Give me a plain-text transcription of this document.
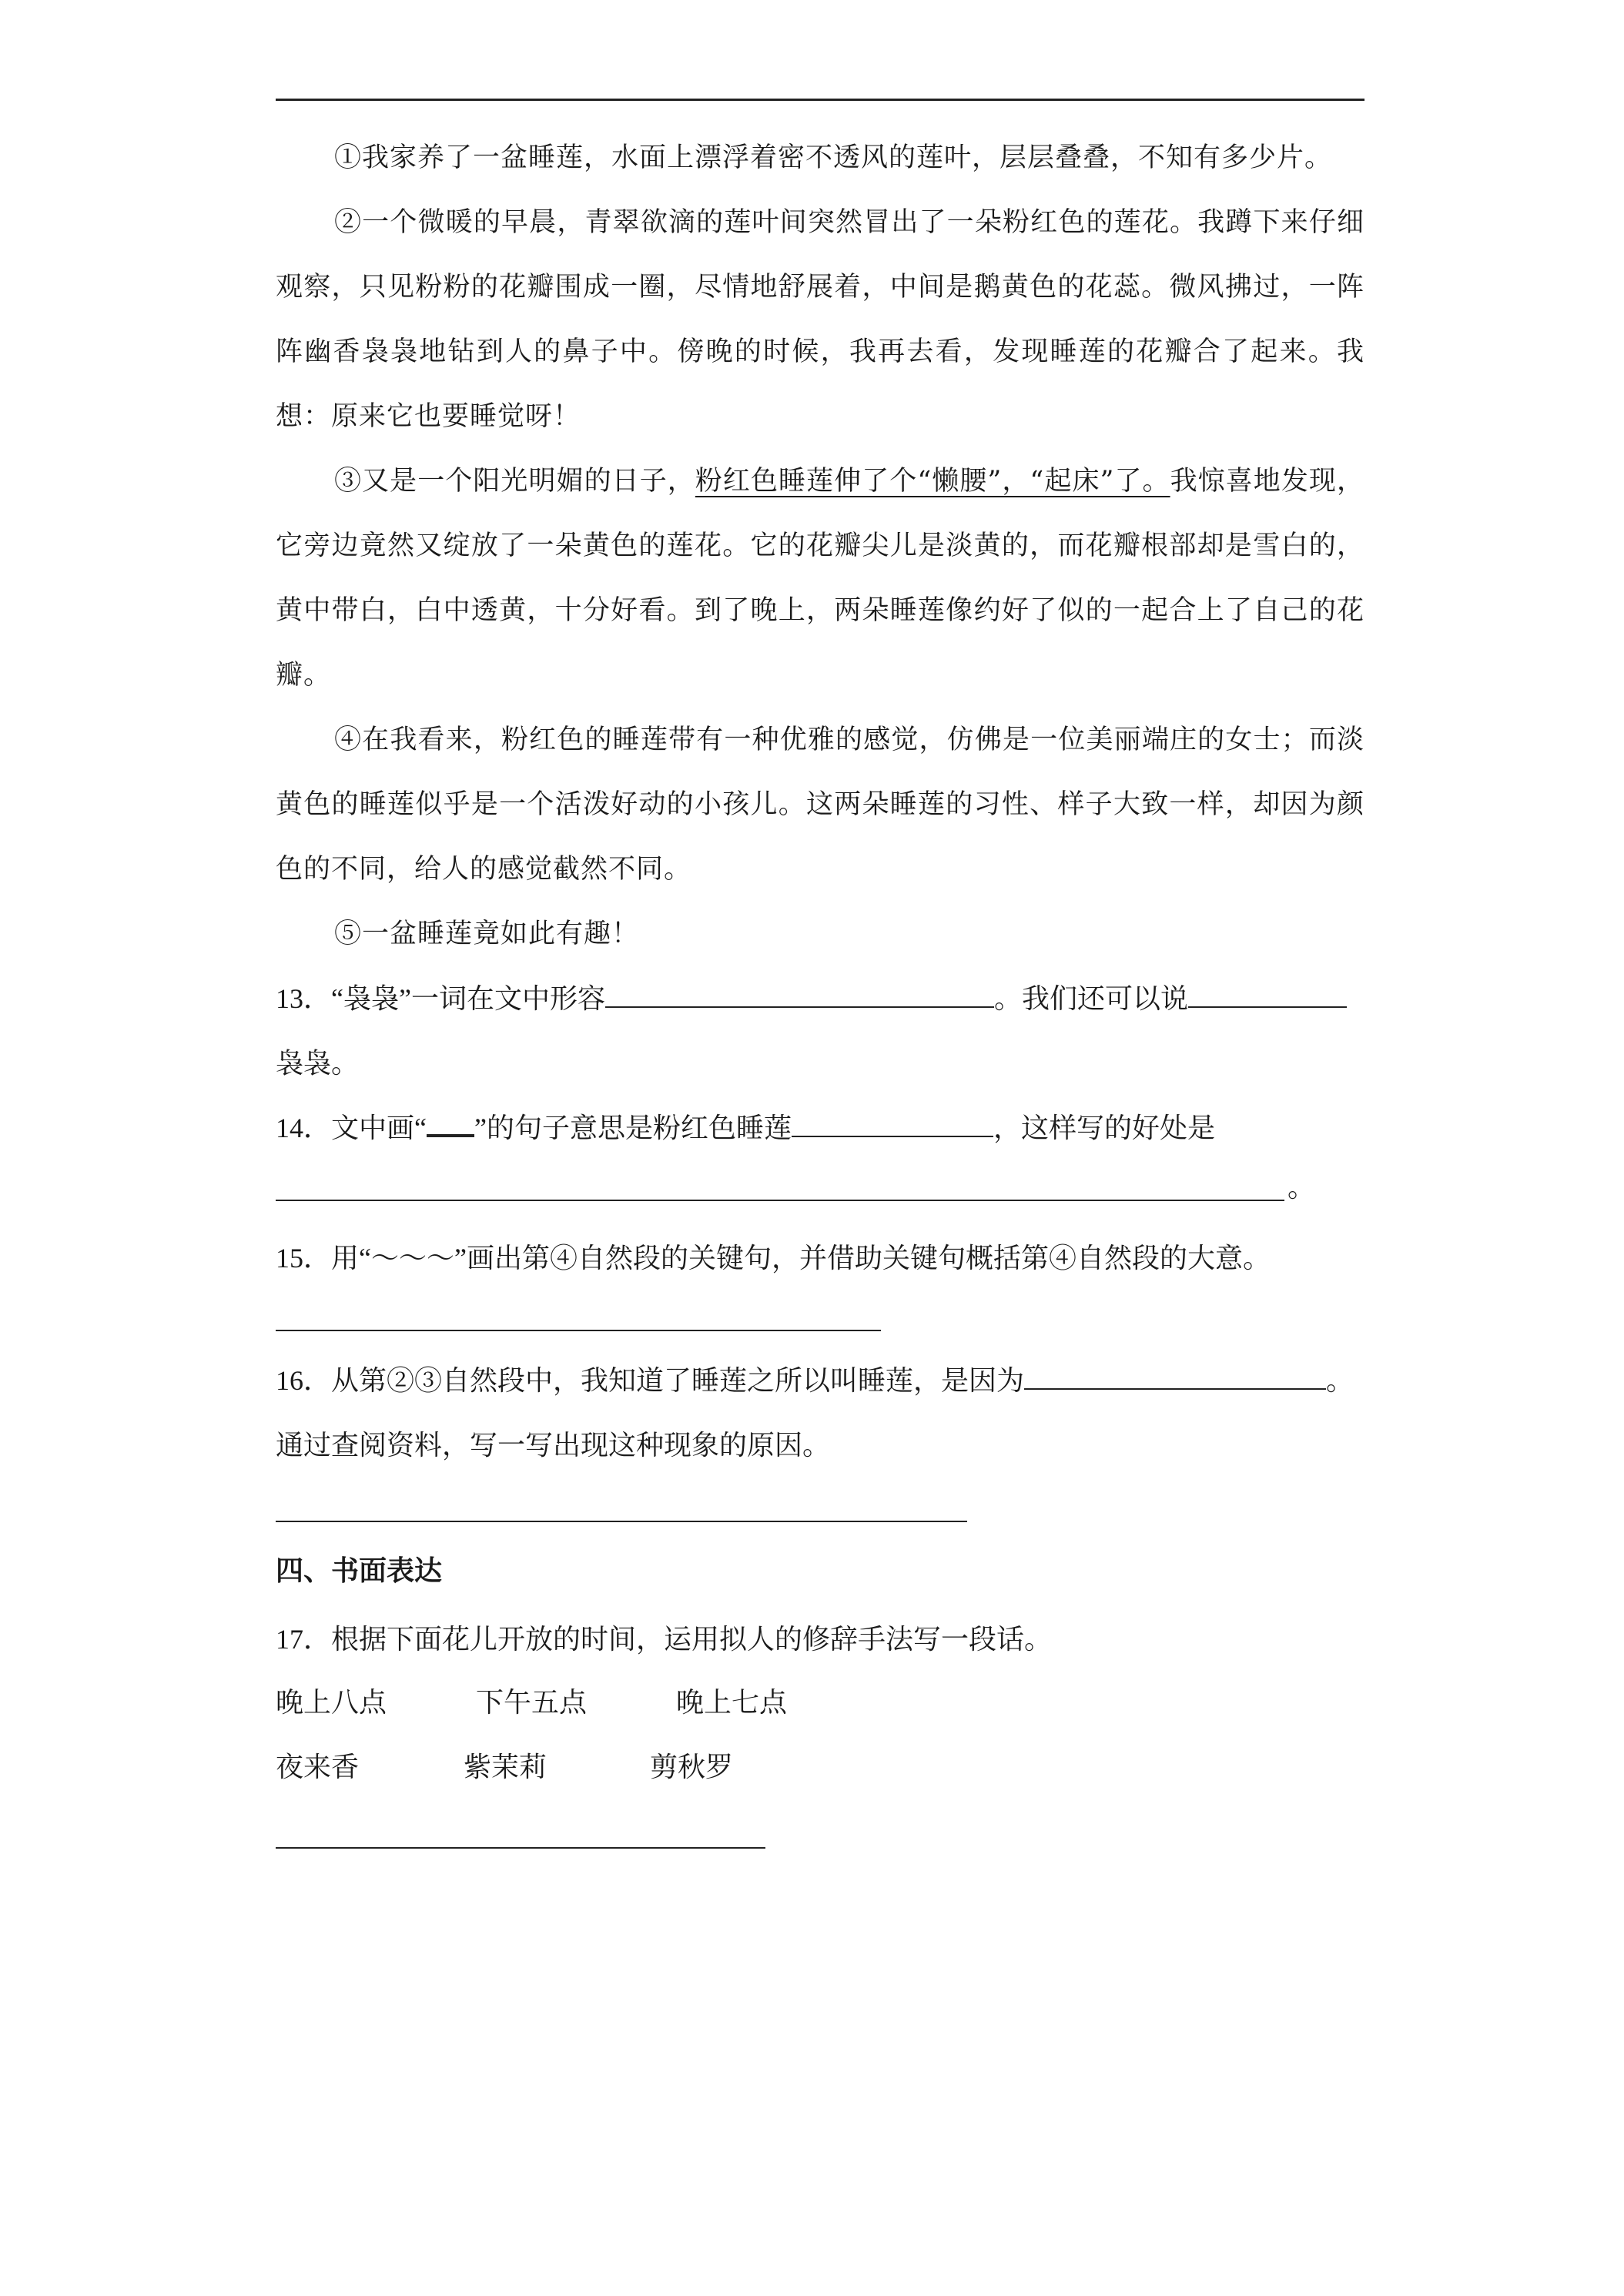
①我家养了一盆睡莲，水面上漂浮着密不透风的莲叶，层层叠叠，不知有多少片。

②一个微暖的早晨，青翠欲滴的莲叶间突然冒出了一朵粉红色的莲花。我蹲下来仔细观察，只见粉粉的花瓣围成一圈，尽情地舒展着，中间是鹅黄色的花蕊。微风拂过，一阵阵幽香袅袅地钻到人的鼻子中。傍晚的时候，我再去看，发现睡莲的花瓣合了起来。我想：原来它也要睡觉呀！

③又是一个阳光明媚的日子，粉红色睡莲伸了个“懒腰”，“起床”了。我惊喜地发现，它旁边竟然又绽放了一朵黄色的莲花。它的花瓣尖儿是淡黄的，而花瓣根部却是雪白的，黄中带白，白中透黄，十分好看。到了晚上，两朵睡莲像约好了似的一起合上了自己的花瓣。

④在我看来，粉红色的睡莲带有一种优雅的感觉，仿佛是一位美丽端庄的女士；而淡黄色的睡莲似乎是一个活泼好动的小孩儿。这两朵睡莲的习性、样子大致一样，却因为颜色的不同，给人的感觉截然不同。

⑤一盆睡莲竟如此有趣！

13．“袅袅”一词在文中形容	。我们还可以说

袅袅。

14．文中画“ ”的句子意思是粉红色睡莲	，这样写的好处是

。

15．用“～～～”画出第④自然段的关键句，并借助关键句概括第④自然段的大意。

16．从第②③自然段中，我知道了睡莲之所以叫睡莲，是因为	。

通过查阅资料，写一写出现这种现象的原因。

四、书面表达

17．根据下面花儿开放的时间，运用拟人的修辞手法写一段话。

晚上八点	下午五点	晚上七点

夜来香	紫茉莉	剪秋罗
